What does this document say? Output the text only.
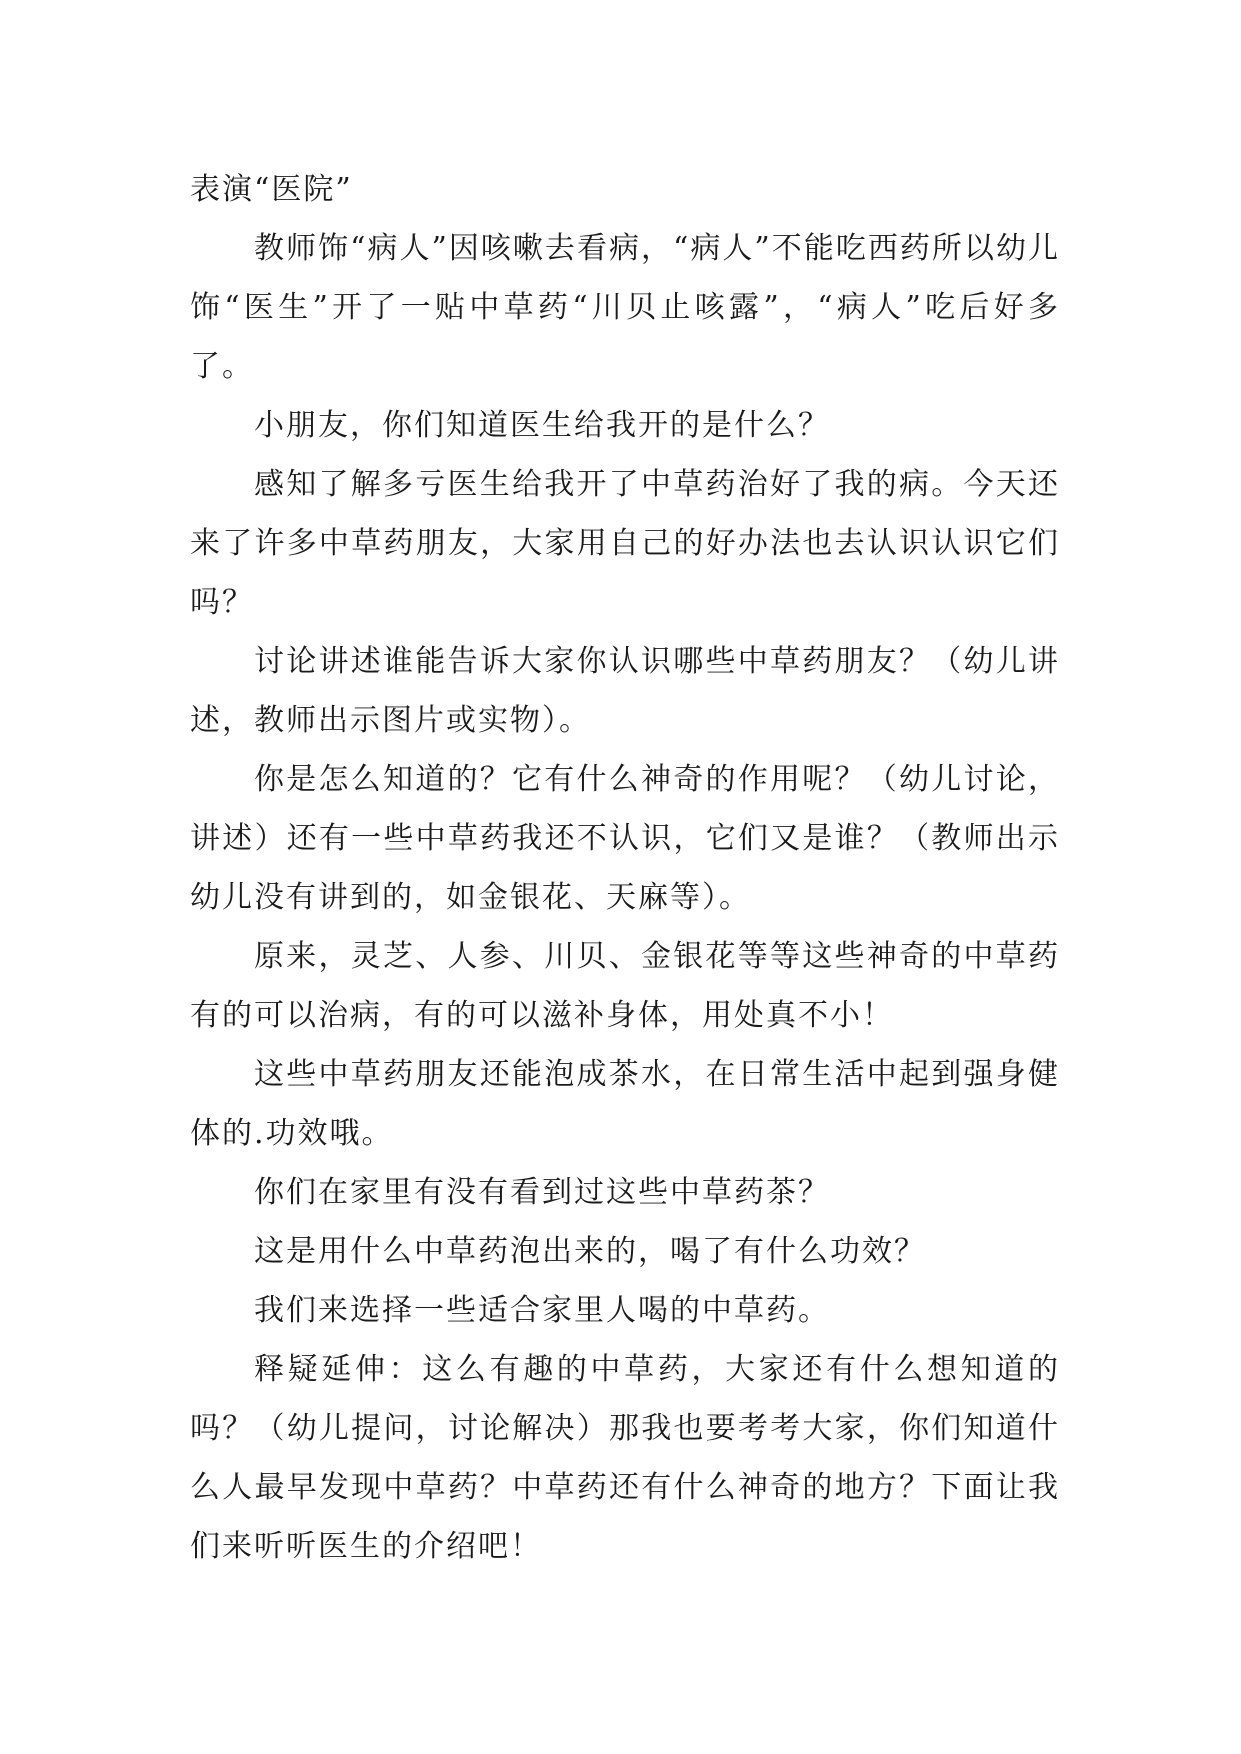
表演“医院”

教师饰“病人”因咳嗽去看病，“病人”不能吃西药所以幼儿饰“医生”开了一贴中草药“川贝止咳露”，“病人”吃后好多了。

小朋友，你们知道医生给我开的是什么？

感知了解多亏医生给我开了中草药治好了我的病。今天还来了许多中草药朋友，大家用自己的好办法也去认识认识它们吗？

讨论讲述谁能告诉大家你认识哪些中草药朋友？（幼儿讲述，教师出示图片或实物）。

你是怎么知道的？它有什么神奇的作用呢？（幼儿讨论，讲述）还有一些中草药我还不认识，它们又是谁？（教师出示幼儿没有讲到的，如金银花、天麻等）。

原来，灵芝、人参、川贝、金银花等等这些神奇的中草药有的可以治病，有的可以滋补身体，用处真不小！

这些中草药朋友还能泡成茶水，在日常生活中起到强身健体的.功效哦。

你们在家里有没有看到过这些中草药茶？

这是用什么中草药泡出来的，喝了有什么功效？

我们来选择一些适合家里人喝的中草药。

释疑延伸：这么有趣的中草药，大家还有什么想知道的吗？（幼儿提问，讨论解决）那我也要考考大家，你们知道什么人最早发现中草药？中草药还有什么神奇的地方？下面让我们来听听医生的介绍吧！
